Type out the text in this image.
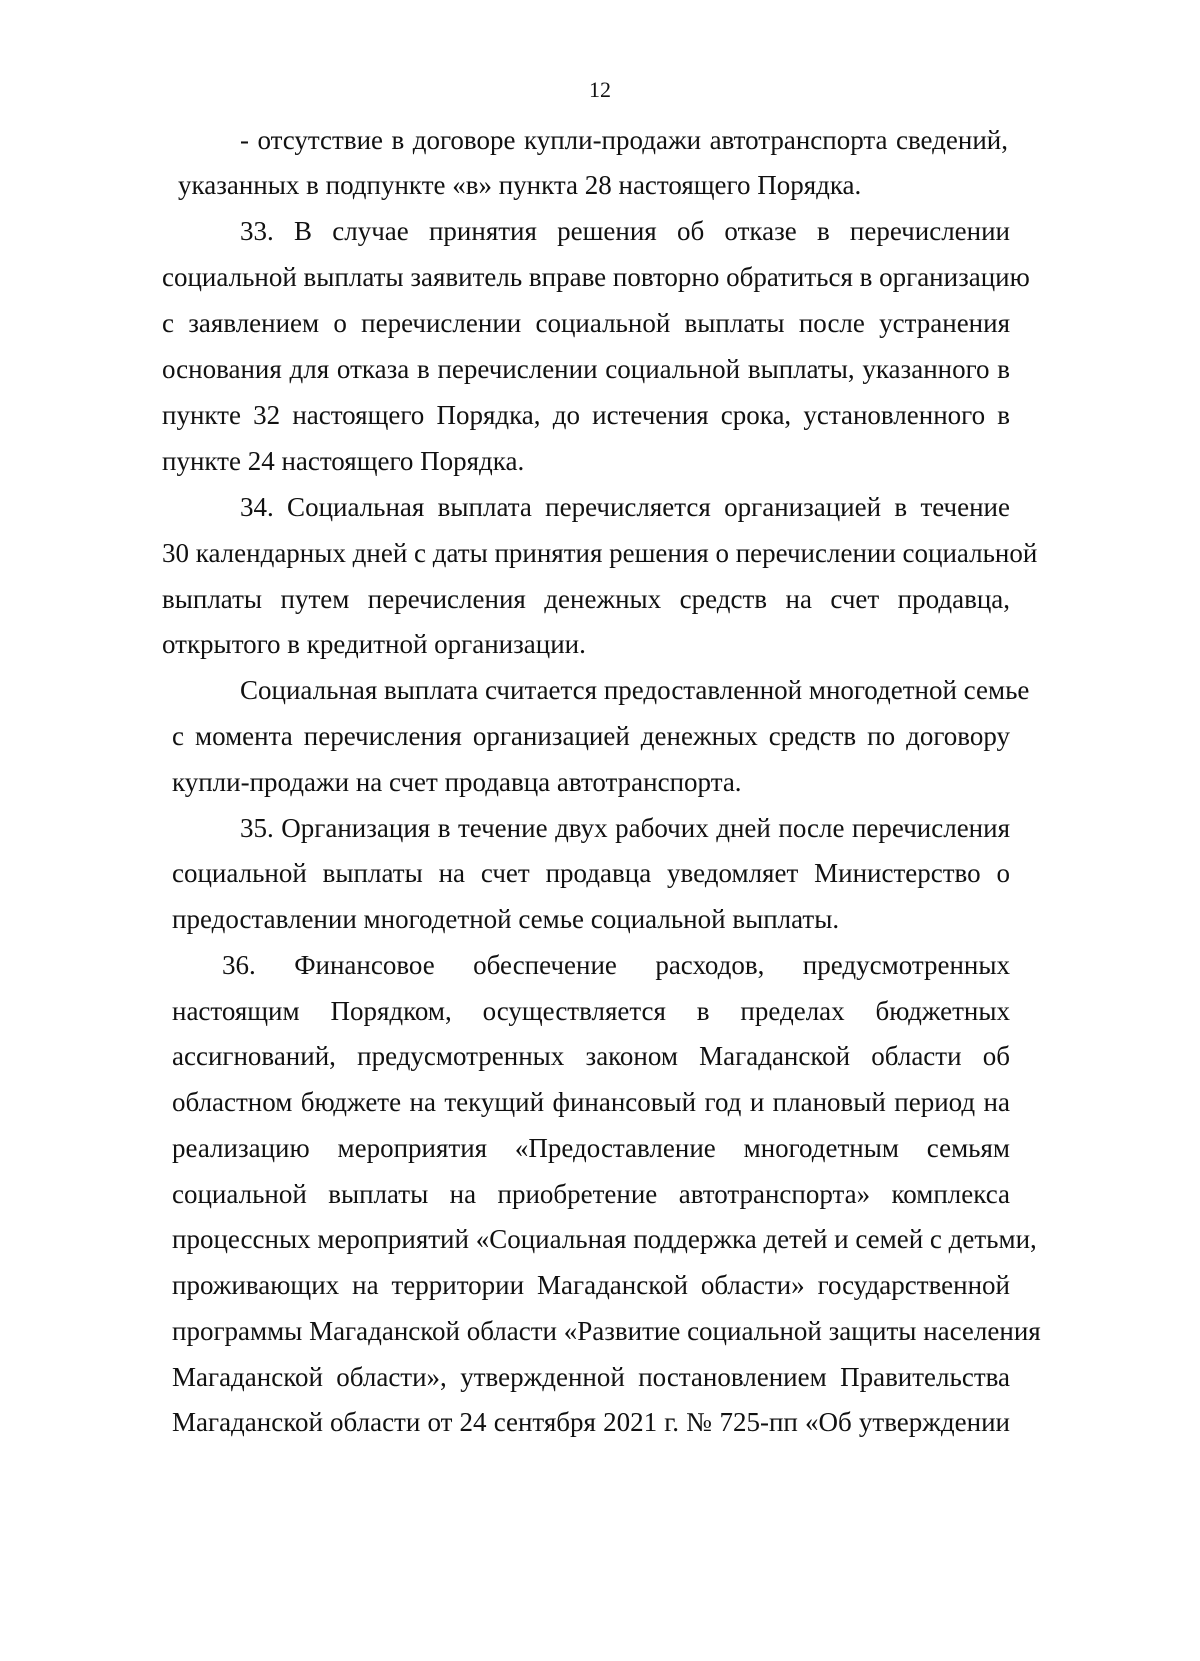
12
- отсутствие в договоре купли-продажи автотранспорта сведений,
указанных в подпункте «в» пункта 28 настоящего Порядка.
33. В случае принятия решения об отказе в перечислении
социальной выплаты заявитель вправе повторно обратиться в организацию
с заявлением о перечислении социальной выплаты после устранения
основания для отказа в перечислении социальной выплаты, указанного в
пункте 32 настоящего Порядка, до истечения срока, установленного в
пункте 24 настоящего Порядка.
34. Социальная выплата перечисляется организацией в течение
30 календарных дней с даты принятия решения о перечислении социальной
выплаты путем перечисления денежных средств на счет продавца,
открытого в кредитной организации.
Социальная выплата считается предоставленной многодетной семье
с момента перечисления организацией денежных средств по договору
купли-продажи на счет продавца автотранспорта.
35. Организация в течение двух рабочих дней после перечисления
социальной выплаты на счет продавца уведомляет Министерство о
предоставлении многодетной семье социальной выплаты.
36. Финансовое обеспечение расходов, предусмотренных
настоящим Порядком, осуществляется в пределах бюджетных
ассигнований, предусмотренных законом Магаданской области об
областном бюджете на текущий финансовый год и плановый период на
реализацию мероприятия «Предоставление многодетным семьям
социальной выплаты на приобретение автотранспорта» комплекса
процессных мероприятий «Социальная поддержка детей и семей с детьми,
проживающих на территории Магаданской области» государственной
программы Магаданской области «Развитие социальной защиты населения
Магаданской области», утвержденной постановлением Правительства
Магаданской области от 24 сентября 2021 г. № 725-пп «Об утверждении
